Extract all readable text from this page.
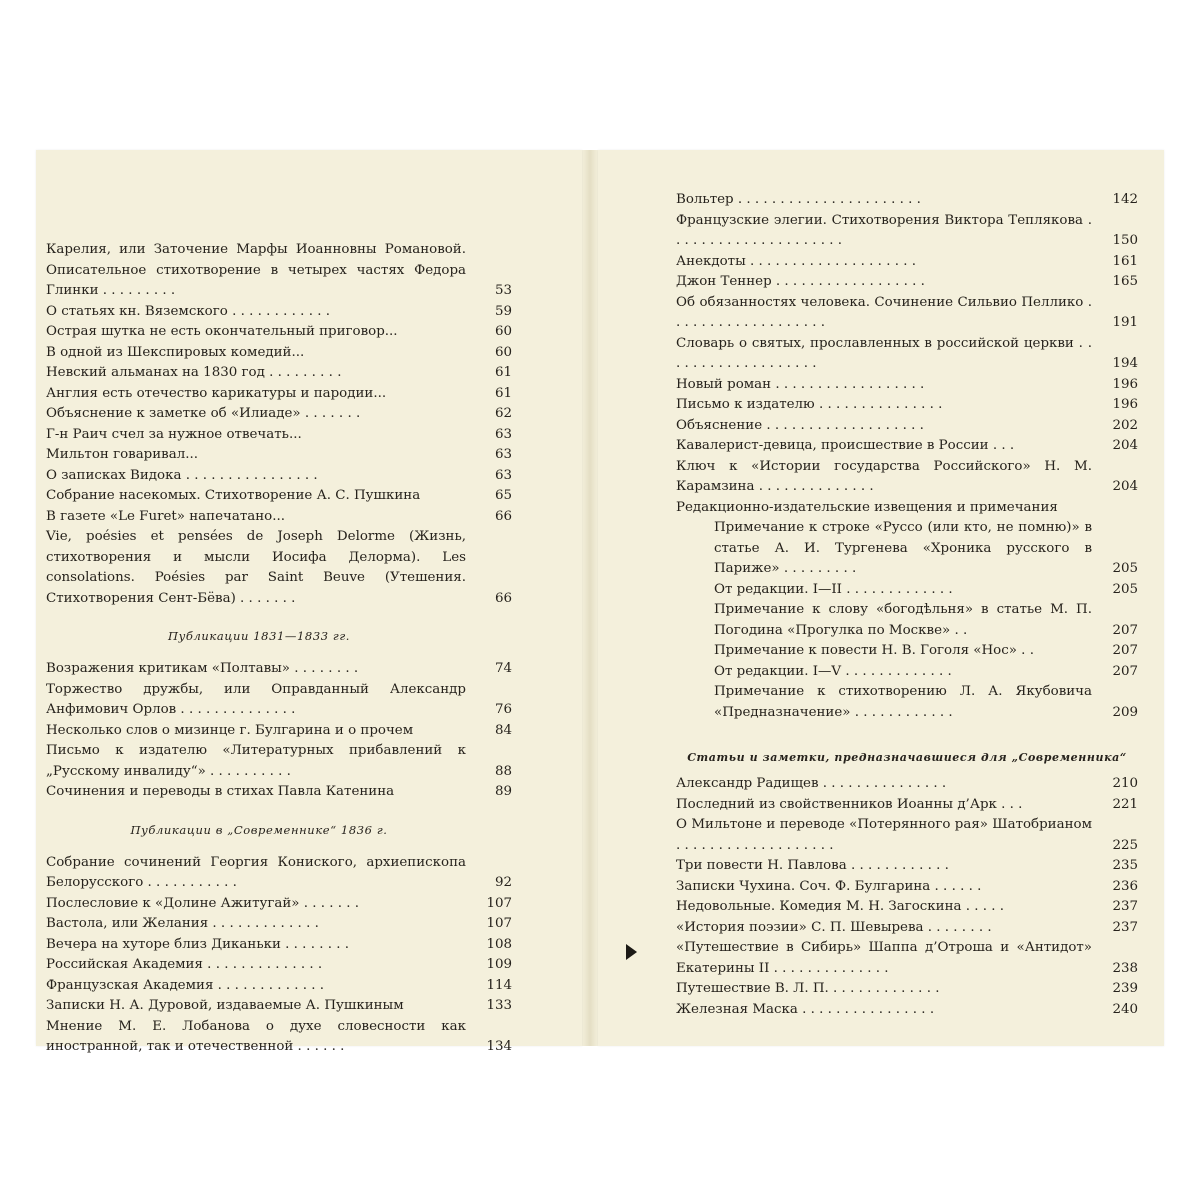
Карелия, или Заточение Марфы Иоанновны Романовой. Описательное стихотворение в четырех частях Федора Глинки . . . . . . . . .	53
О статьях кн. Вяземского . . . . . . . . . . . .	59
Острая шутка не есть окончательный приговор...	60
В одной из Шекспировых комедий...	60
Невский альманах на 1830 год . . . . . . . . .	61
Англия есть отечество карикатуры и пародии...	61
Объяснение к заметке об «Илиаде» . . . . . . .	62
Г-н Раич счел за нужное отвечать...	63
Мильтон говаривал...	63
О записках Видока . . . . . . . . . . . . . . . .	63
Собрание насекомых. Стихотворение А. С. Пушкина	65
В газете «Le Furet» напечатано...	66
Vie, poésies et pensées de Joseph Delorme (Жизнь, стихотворения и мысли Иосифа Делорма). Les consolations. Poésies par Saint Beuve (Утешения. Стихотворения Сент-Бёва) . . . . . . .	66
Публикации 1831—1833 гг.
Возражения критикам «Полтавы» . . . . . . . .	74
Торжество дружбы, или Оправданный Александр Анфимович Орлов . . . . . . . . . . . . . .	76
Несколько слов о мизинце г. Булгарина и о прочем	84
Письмо к издателю «Литературных прибавлений к „Русскому инвалиду“» . . . . . . . . . .	88
Сочинения и переводы в стихах Павла Катенина	89
Публикации в „Современнике“ 1836 г.
Собрание сочинений Георгия Кониского, архиепископа Белорусского . . . . . . . . . . .	92
Послесловие к «Долине Ажитугай» . . . . . . .	107
Вастола, или Желания . . . . . . . . . . . . .	107
Вечера на хуторе близ Диканьки . . . . . . . .	108
Российская Академия . . . . . . . . . . . . . .	109
Французская Академия . . . . . . . . . . . . .	114
Записки Н. А. Дуровой, издаваемые А. Пушкиным	133
Мнение М. Е. Лобанова о духе словесности как иностранной, так и отечественной . . . . . .	134
Вольтер . . . . . . . . . . . . . . . . . . . . . .	142
Французские элегии. Стихотворения Виктора Теплякова . . . . . . . . . . . . . . . . . . . . .	150
Анекдоты . . . . . . . . . . . . . . . . . . . .	161
Джон Теннер . . . . . . . . . . . . . . . . . .	165
Об обязанностях человека. Сочинение Сильвио Пеллико . . . . . . . . . . . . . . . . . . .	191
Словарь о святых, прославленных в российской церкви . . . . . . . . . . . . . . . . . . .	194
Новый роман . . . . . . . . . . . . . . . . . .	196
Письмо к издателю . . . . . . . . . . . . . . .	196
Объяснение . . . . . . . . . . . . . . . . . . .	202
Кавалерист-девица, происшествие в России . . .	204
Ключ к «Истории государства Российского» Н. М. Карамзина . . . . . . . . . . . . . .	204
Редакционно-издательские извещения и примечания
Примечание к строке «Руссо (или кто, не помню)» в статье А. И. Тургенева «Хроника русского в Париже» . . . . . . . . .	205
От редакции. I—II . . . . . . . . . . . . .	205
Примечание к слову «богодѣльня» в статье М. П. Погодина «Прогулка по Москве» . .	207
Примечание к повести Н. В. Гоголя «Нос» . .	207
От редакции. I—V . . . . . . . . . . . . .	207
Примечание к стихотворению Л. А. Якубовича «Предназначение» . . . . . . . . . . . .	209
Статьи и заметки, предназначавшиеся для „Современника“
Александр Радищев . . . . . . . . . . . . . . .	210
Последний из свойственников Иоанны д’Арк . . .	221
О Мильтоне и переводе «Потерянного рая» Шатобрианом . . . . . . . . . . . . . . . . . . .	225
Три повести Н. Павлова . . . . . . . . . . . .	235
Записки Чухина. Соч. Ф. Булгарина . . . . . .	236
Недовольные. Комедия М. Н. Загоскина . . . . .	237
«История поэзии» С. П. Шевырева . . . . . . . .	237
«Путешествие в Сибирь» Шаппа д’Отроша и «Антидот» Екатерины II . . . . . . . . . . . . . .	238
Путешествие В. Л. П. . . . . . . . . . . . . .	239
Железная Маска . . . . . . . . . . . . . . . .	240
